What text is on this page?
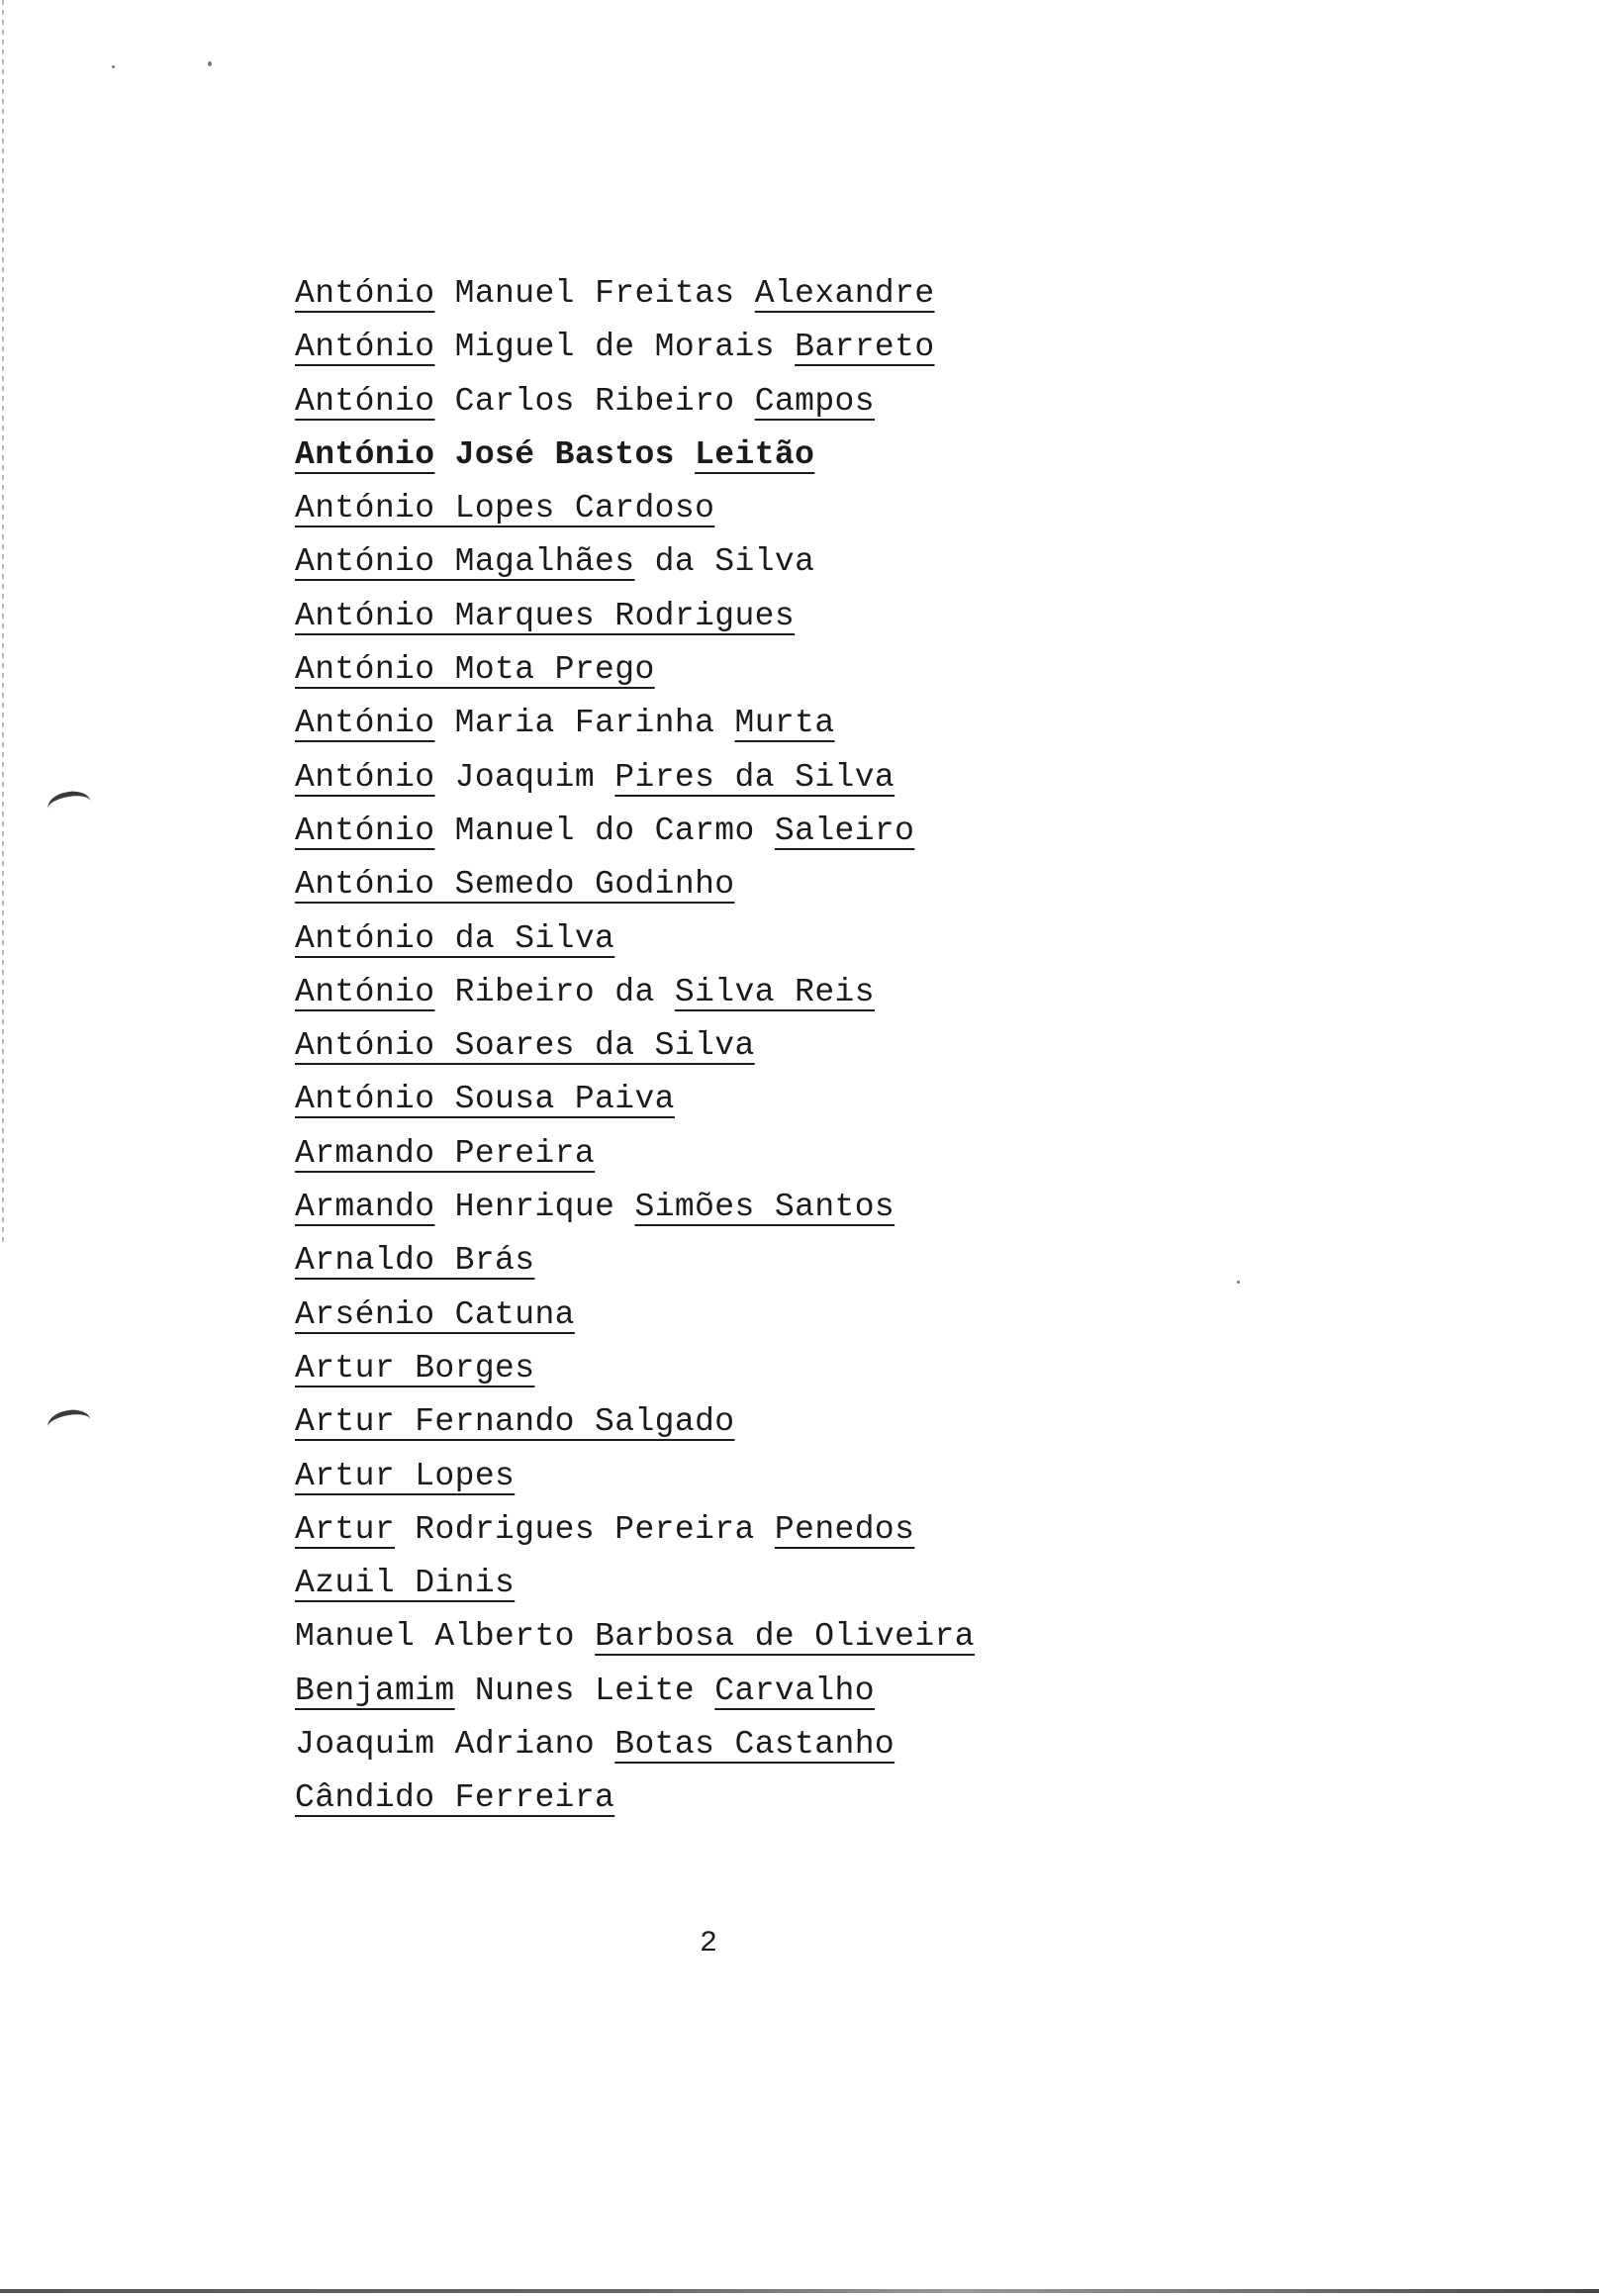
António Manuel Freitas Alexandre
António Miguel de Morais Barreto
António Carlos Ribeiro Campos
António José Bastos Leitão
António Lopes Cardoso
António Magalhães da Silva
António Marques Rodrigues
António Mota Prego
António Maria Farinha Murta
António Joaquim Pires da Silva
António Manuel do Carmo Saleiro
António Semedo Godinho
António da Silva
António Ribeiro da Silva Reis
António Soares da Silva
António Sousa Paiva
Armando Pereira
Armando Henrique Simões Santos
Arnaldo Brás
Arsénio Catuna
Artur Borges
Artur Fernando Salgado
Artur Lopes
Artur Rodrigues Pereira Penedos
Azuil Dinis
Manuel Alberto Barbosa de Oliveira
Benjamim Nunes Leite Carvalho
Joaquim Adriano Botas Castanho
Cândido Ferreira
2
